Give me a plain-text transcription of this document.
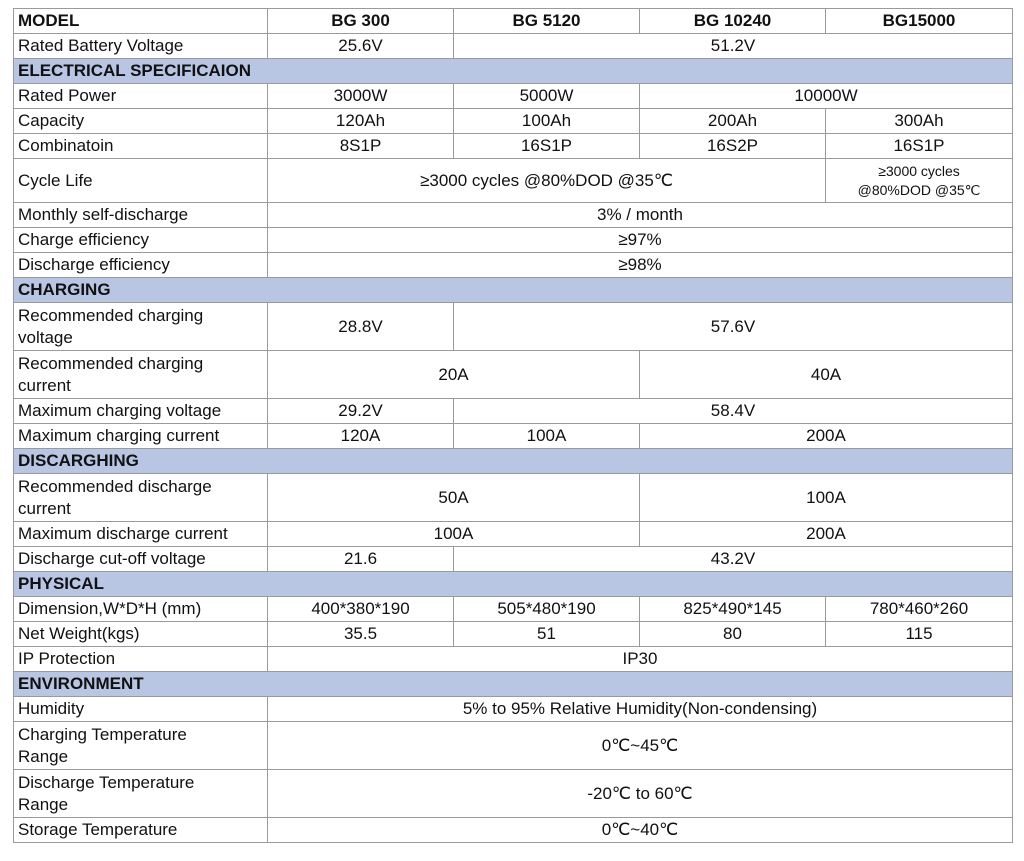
MODEL	BG 300	BG 5120	BG 10240	BG15000
Rated Battery Voltage	25.6V	51.2V		
ELECTRICAL SPECIFICAION				
Rated Power	3000W	5000W	10000W	
Capacity	120Ah	100Ah	200Ah	300Ah
Combinatoin	8S1P	16S1P	16S2P	16S1P
Cycle Life	≥3000 cycles @80%DOD @35℃			≥3000 cycles
@80%DOD @35℃

Monthly self-discharge	3% / month			
Charge efficiency	≥97%			
Discharge efficiency	≥98%			
CHARGING				

Recommended charging
voltage	28.8V	57.6V		

Recommended charging
current	20A		40A	
Maximum charging voltage	29.2V	58.4V		
Maximum charging current	120A	100A	200A	
DISCARGHING				

Recommended discharge
current	50A		100A	
Maximum discharge current	100A		200A	
Discharge cut-off voltage	21.6	43.2V		
PHYSICAL				
Dimension,W*D*H (mm)	400*380*190	505*480*190	825*490*145	780*460*260
Net Weight(kgs)	35.5	51	80	115
IP Protection	IP30			
ENVIRONMENT				
Humidity	5% to 95% Relative Humidity(Non-condensing)			

Charging Temperature
Range	0℃~45℃			

Discharge Temperature
Range	-20℃ to 60℃			
Storage Temperature	0℃~40℃			
